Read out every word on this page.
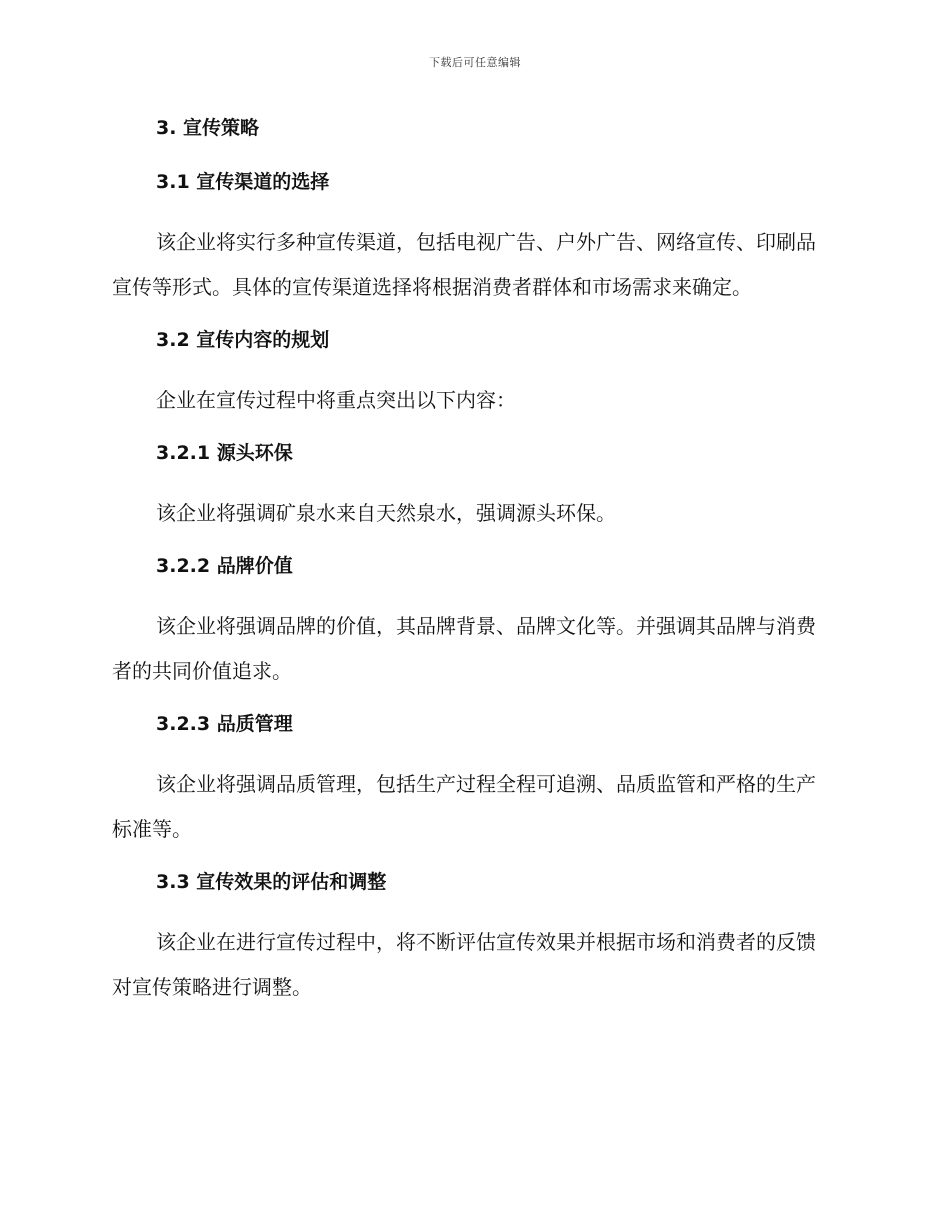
下载后可任意编辑
3. 宣传策略
3.1 宣传渠道的选择

该企业将实行多种宣传渠道，包括电视广告、户外广告、网络宣传、印刷品宣传等形式。具体的宣传渠道选择将根据消费者群体和市场需求来确定。

3.2 宣传内容的规划

企业在宣传过程中将重点突出以下内容：

3.2.1 源头环保

该企业将强调矿泉水来自天然泉水，强调源头环保。

3.2.2 品牌价值

该企业将强调品牌的价值，其品牌背景、品牌文化等。并强调其品牌与消费者的共同价值追求。

3.2.3 品质管理

该企业将强调品质管理，包括生产过程全程可追溯、品质监管和严格的生产标准等。

3.3 宣传效果的评估和调整

该企业在进行宣传过程中，将不断评估宣传效果并根据市场和消费者的反馈对宣传策略进行调整。
